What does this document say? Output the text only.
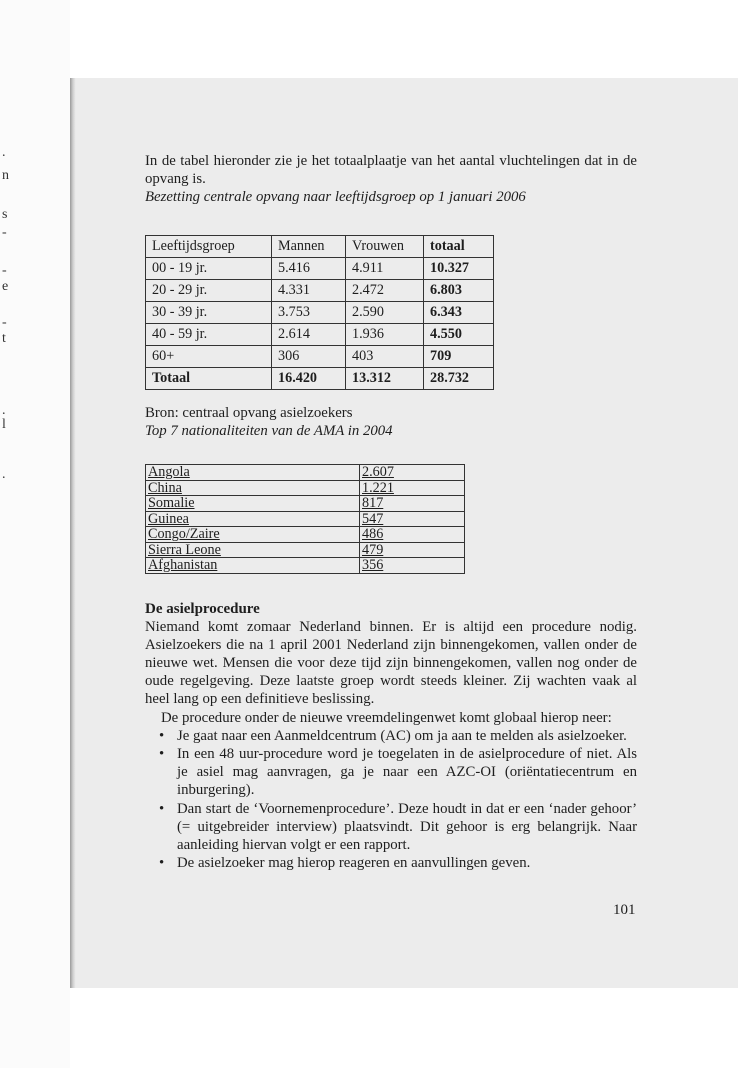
.
n
s
-
-
e
-
t
.
l
.

In de tabel hieronder zie je het totaalplaatje van het aantal vluchtelingen dat in de opvang is.

Bezetting centrale opvang naar leeftijdsgroep op 1 januari 2006

Leeftijdsgroep	Mannen	Vrouwen	totaal
00 - 19 jr.	5.416	4.911	10.327
20 - 29 jr.	4.331	2.472	6.803
30 - 39 jr.	3.753	2.590	6.343
40 - 59 jr.	2.614	1.936	4.550
60+	306	403	709
Totaal	16.420	13.312	28.732

Bron: centraal opvang asielzoekers

Top 7 nationaliteiten van de AMA in 2004

Angola	2.607
China	1.221
Somalie	817
Guinea	547
Congo/Zaire	486
Sierra Leone	479
Afghanistan	356
De asielprocedure

Niemand komt zomaar Nederland binnen. Er is altijd een procedure nodig. Asielzoekers die na 1 april 2001 Nederland zijn binnengekomen, vallen onder de nieuwe wet. Mensen die voor deze tijd zijn binnengekomen, vallen nog onder de oude regelgeving. Deze laatste groep wordt steeds kleiner. Zij wachten vaak al heel lang op een definitieve beslissing.

De procedure onder de nieuwe vreemdelingenwet komt globaal hierop neer:

• Je gaat naar een Aanmeldcentrum (AC) om ja aan te melden als asielzoeker.
• In een 48 uur-procedure word je toegelaten in de asielprocedure of niet. Als je asiel mag aanvragen, ga je naar een AZC-OI (oriëntatiecentrum en inburgering).
• Dan start de ‘Voornemenprocedure’. Deze houdt in dat er een ‘nader gehoor’ (= uitgebreider interview) plaatsvindt. Dit gehoor is erg belangrijk. Naar aanleiding hiervan volgt er een rapport.
• De asielzoeker mag hierop reageren en aanvullingen geven.
101
